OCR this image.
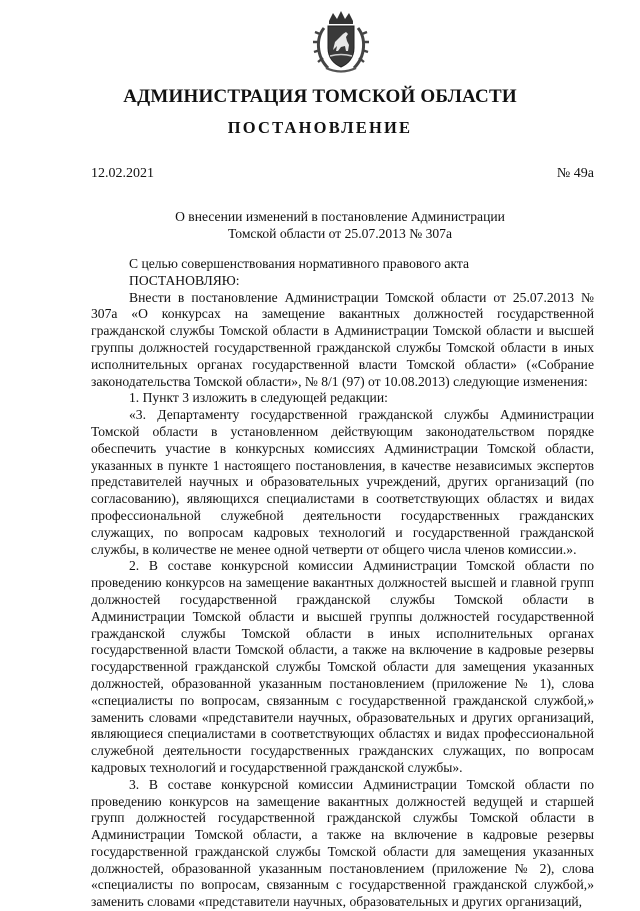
АДМИНИСТРАЦИЯ ТОМСКОЙ ОБЛАСТИ
ПОСТАНОВЛЕНИЕ
12.02.2021	№ 49а
О внесении изменений в постановление Администрации
Томской области от 25.07.2013 № 307а

С целью совершенствования нормативного правового акта

ПОСТАНОВЛЯЮ:

Внести в постановление Администрации Томской области от 25.07.2013 № 307а «О конкурсах на замещение вакантных должностей государственной гражданской службы Томской области в Администрации Томской области и высшей группы должностей государственной гражданской службы Томской области в иных исполнительных органах государственной власти Томской области» («Собрание законодательства Томской области», № 8/1 (97) от 10.08.2013) следующие изменения:

1. Пункт 3 изложить в следующей редакции:

«3. Департаменту государственной гражданской службы Администрации Томской области в установленном действующим законодательством порядке обеспечить участие в конкурсных комиссиях Администрации Томской области, указанных в пункте 1 настоящего постановления, в качестве независимых экспертов представителей научных и образовательных учреждений, других организаций (по согласованию), являющихся специалистами в соответствующих областях и видах профессиональной служебной деятельности государственных гражданских служащих, по вопросам кадровых технологий и государственной гражданской службы, в количестве не менее одной четверти от общего числа членов комиссии.».

2. В составе конкурсной комиссии Администрации Томской области по проведению конкурсов на замещение вакантных должностей высшей и главной групп должностей государственной гражданской службы Томской области в Администрации Томской области и высшей группы должностей государственной гражданской службы Томской области в иных исполнительных органах государственной власти Томской области, а также на включение в кадровые резервы государственной гражданской службы Томской области для замещения указанных должностей, образованной указанным постановлением (приложение № 1), слова «специалисты по вопросам, связанным с государственной гражданской службой,» заменить словами «представители научных, образовательных и других организаций, являющиеся специалистами в соответствующих областях и видах профессиональной служебной деятельности государственных гражданских служащих, по вопросам кадровых технологий и государственной гражданской службы».

3. В составе конкурсной комиссии Администрации Томской области по проведению конкурсов на замещение вакантных должностей ведущей и старшей групп должностей государственной гражданской службы Томской области в Администрации Томской области, а также на включение в кадровые резервы государственной гражданской службы Томской области для замещения указанных должностей, образованной указанным постановлением (приложение № 2), слова «специалисты по вопросам, связанным с государственной гражданской службой,» заменить словами «представители научных, образовательных и других организаций,
